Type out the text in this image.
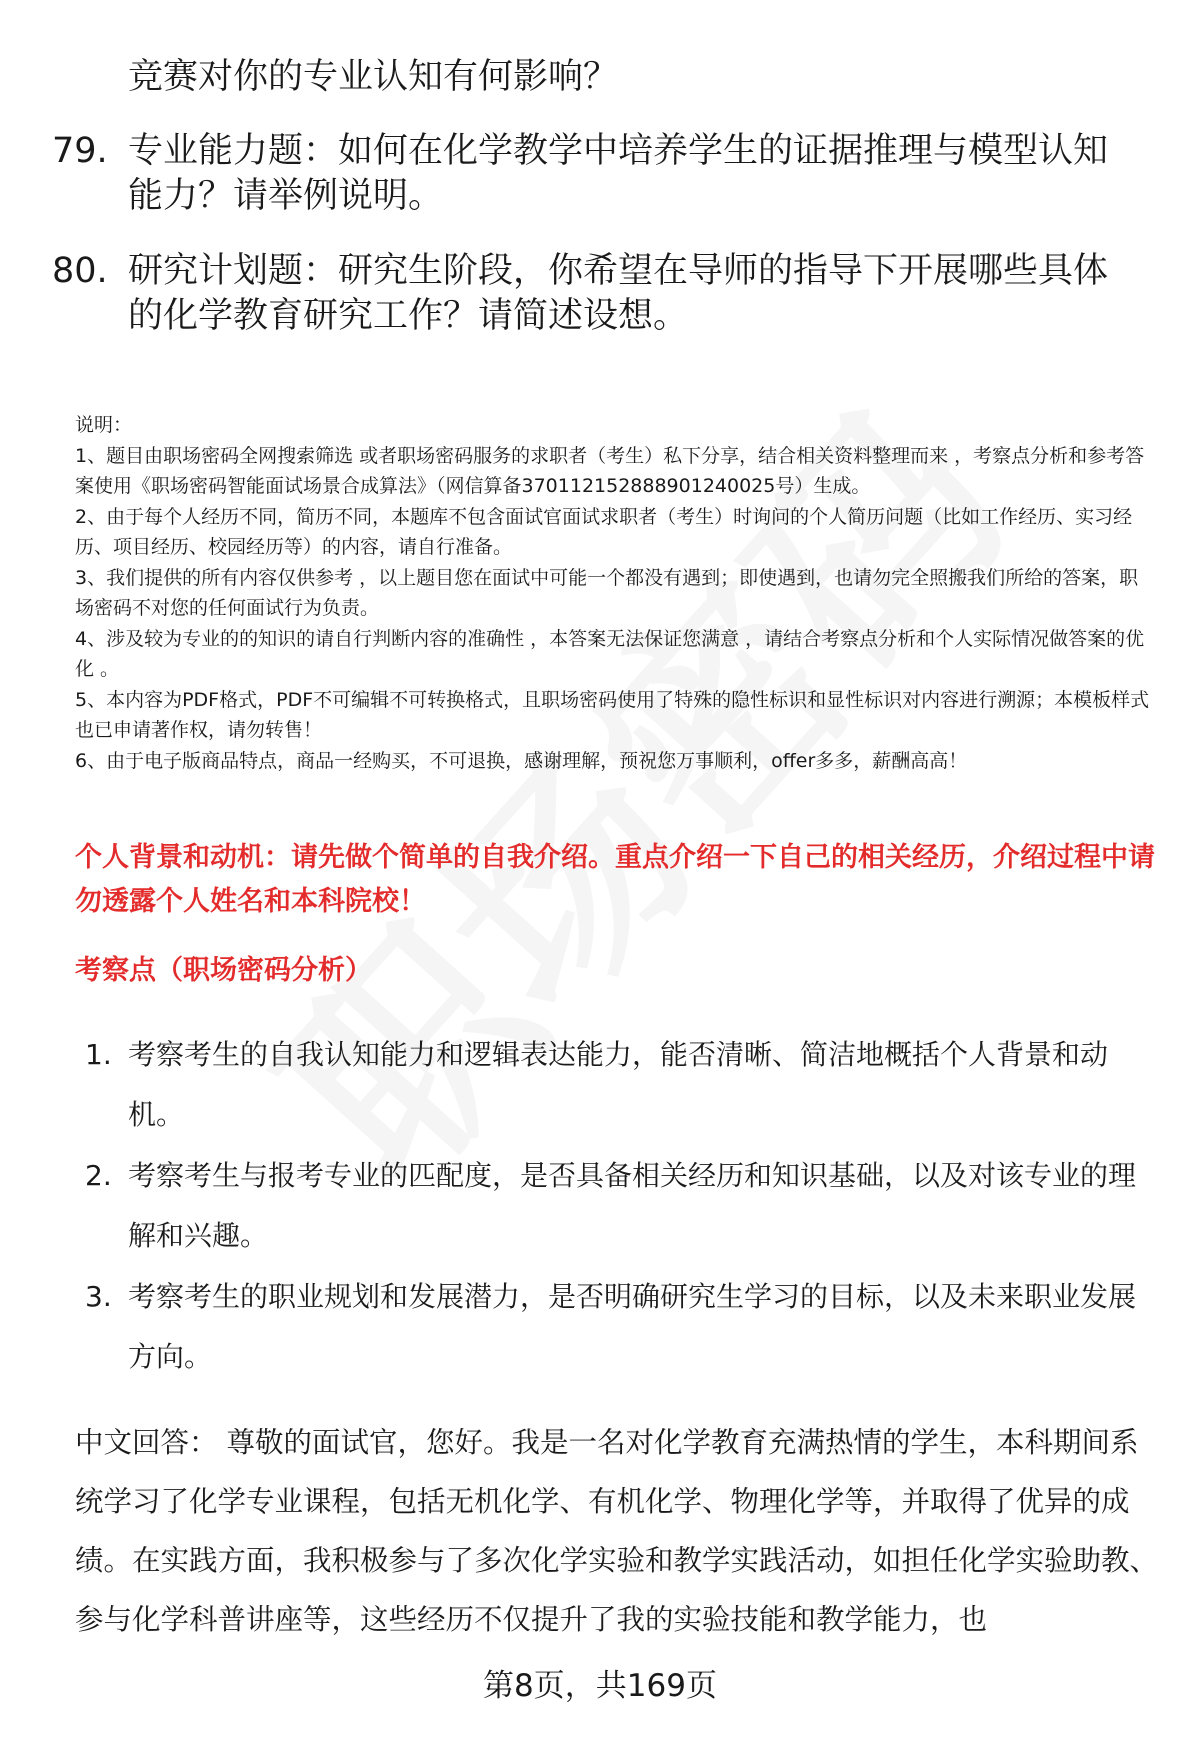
竞赛对你的专业认知有何影响？
79. 专业能力题：如何在化学教学中培养学生的证据推理与模型认知
能力？请举例说明。
80. 研究计划题：研究生阶段，你希望在导师的指导下开展哪些具体
的化学教育研究工作？请简述设想。

说明：

1、题目由职场密码全网搜索筛选 或者职场密码服务的求职者（考生）私下分享，结合相关资料整理而来 ，考察点分析和参考答案使用《职场密码智能面试场景合成算法》（网信算备370112152888901240025号）生成。

2、由于每个人经历不同，简历不同，本题库不包含面试官面试求职者（考生）时询问的个人简历问题（比如工作经历、实习经历、项目经历、校园经历等）的内容，请自行准备。

3、我们提供的所有内容仅供参考 ，以上题目您在面试中可能一个都没有遇到；即使遇到，也请勿完全照搬我们所给的答案，职场密码不对您的任何面试行为负责。

4、涉及较为专业的的知识的请自行判断内容的准确性 ，本答案无法保证您满意 ，请结合考察点分析和个人实际情况做答案的优化 。

5、本内容为PDF格式，PDF不可编辑不可转换格式，且职场密码使用了特殊的隐性标识和显性标识对内容进行溯源；本模板样式也已申请著作权，请勿转售！

6、由于电子版商品特点，商品一经购买，不可退换，感谢理解，预祝您万事顺利，offer多多，薪酬高高！

个人背景和动机：请先做个简单的自我介绍。重点介绍一下自己的相关经历，介绍过程中请勿透露个人姓名和本科院校！
考察点（职场密码分析）
1. 考察考生的自我认知能力和逻辑表达能力，能否清晰、简洁地概括个人背景和动机。
2. 考察考生与报考专业的匹配度，是否具备相关经历和知识基础，以及对该专业的理解和兴趣。
3. 考察考生的职业规划和发展潜力，是否明确研究生学习的目标，以及未来职业发展方向。
中文回答： 尊敬的面试官，您好。我是一名对化学教育充满热情的学生，本科期间系统学习了化学专业课程，包括无机化学、有机化学、物理化学等，并取得了优异的成绩。在实践方面，我积极参与了多次化学实验和教学实践活动，如担任化学实验助教、参与化学科普讲座等，这些经历不仅提升了我的实验技能和教学能力，也
第8页，共169页
